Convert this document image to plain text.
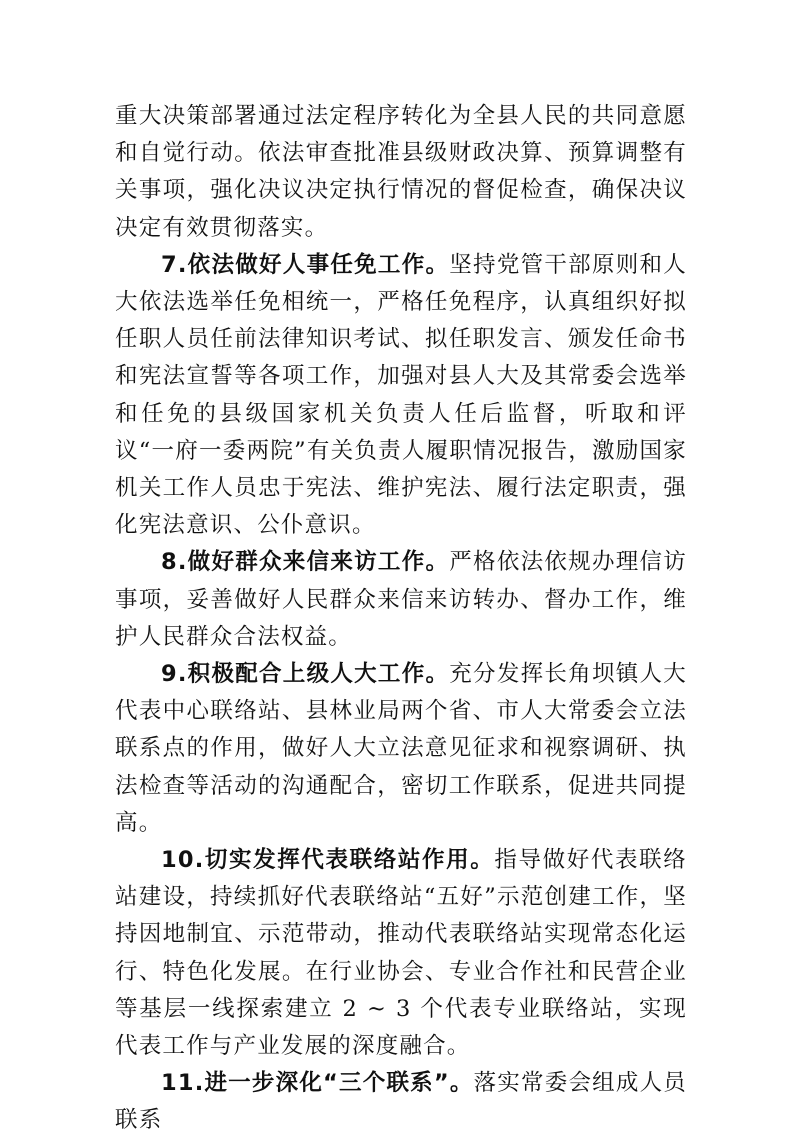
重大决策部署通过法定程序转化为全县人民的共同意愿和自觉行动。依法审查批准县级财政决算、预算调整有关事项，强化决议决定执行情况的督促检查，确保决议决定有效贯彻落实。

7.依法做好人事任免工作。坚持党管干部原则和人大依法选举任免相统一，严格任免程序，认真组织好拟任职人员任前法律知识考试、拟任职发言、颁发任命书和宪法宣誓等各项工作，加强对县人大及其常委会选举和任免的县级国家机关负责人任后监督，听取和评议“一府一委两院”有关负责人履职情况报告，激励国家机关工作人员忠于宪法、维护宪法、履行法定职责，强化宪法意识、公仆意识。

8.做好群众来信来访工作。严格依法依规办理信访事项，妥善做好人民群众来信来访转办、督办工作，维护人民群众合法权益。

9.积极配合上级人大工作。充分发挥长角坝镇人大代表中心联络站、县林业局两个省、市人大常委会立法联系点的作用，做好人大立法意见征求和视察调研、执法检查等活动的沟通配合，密切工作联系，促进共同提高。

10.切实发挥代表联络站作用。指导做好代表联络站建设，持续抓好代表联络站“五好”示范创建工作，坚持因地制宜、示范带动，推动代表联络站实现常态化运行、特色化发展。在行业协会、专业合作社和民营企业等基层一线探索建立 2 ~ 3 个代表专业联络站，实现代表工作与产业发展的深度融合。

11.进一步深化“三个联系”。落实常委会组成人员联系
